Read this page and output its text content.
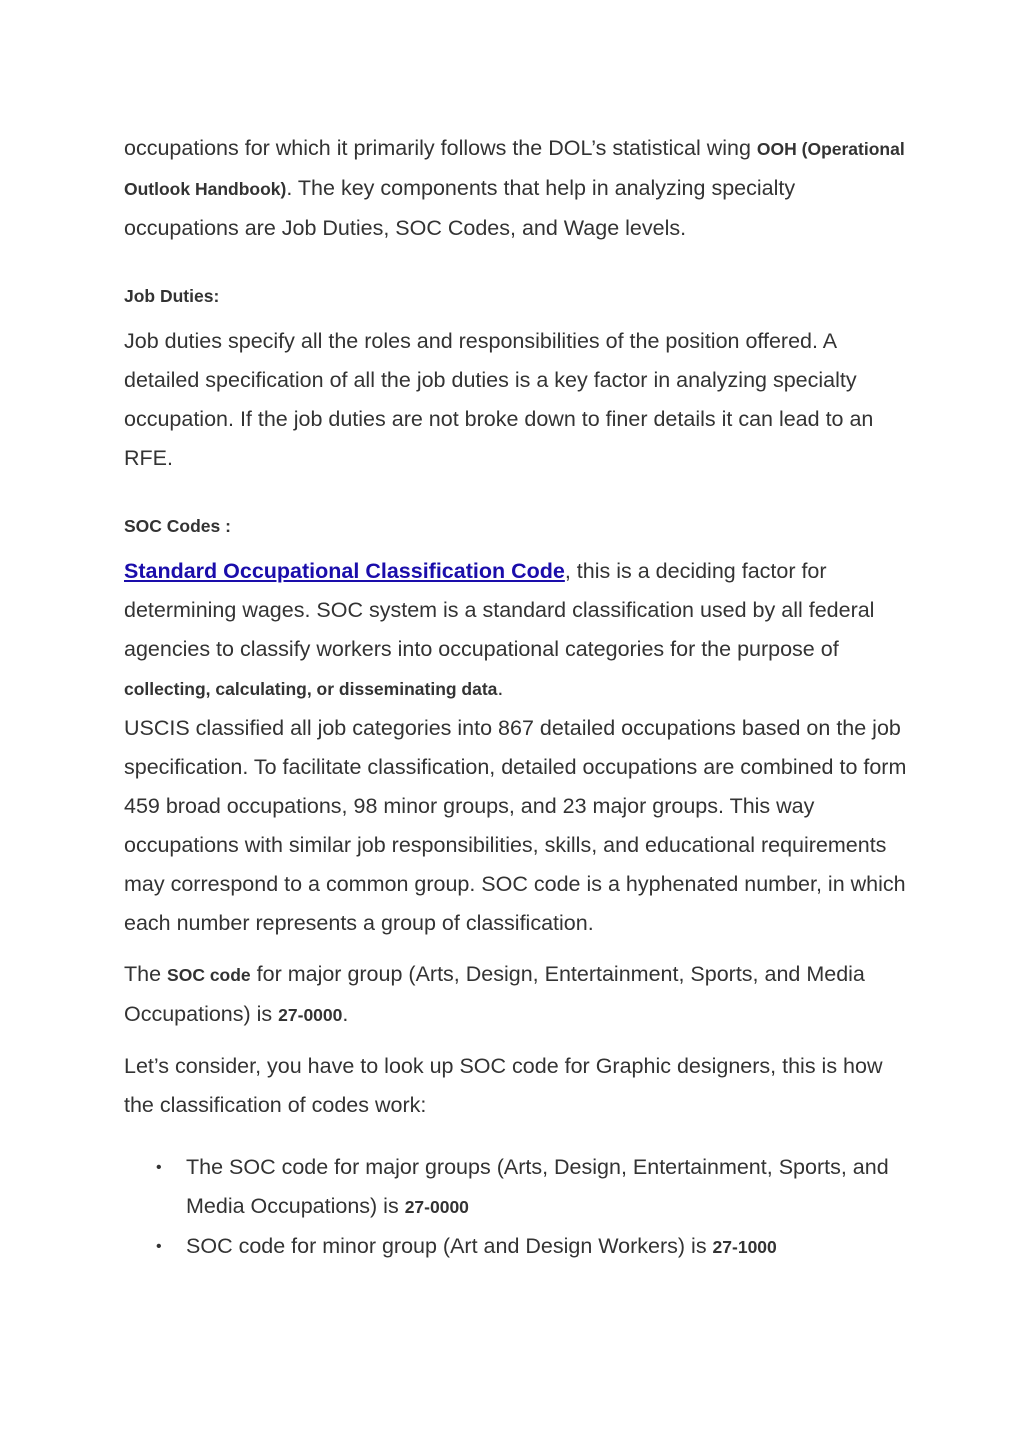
occupations for which it primarily follows the DOL’s statistical wing OOH (Operational Outlook Handbook). The key components that help in analyzing specialty occupations are Job Duties, SOC Codes, and Wage levels.

Job Duties:

Job duties specify all the roles and responsibilities of the position offered. A detailed specification of all the job duties is a key factor in analyzing specialty occupation. If the job duties are not broke down to finer details it can lead to an RFE.

SOC Codes :

Standard Occupational Classification Code, this is a deciding factor for determining wages. SOC system is a standard classification used by all federal agencies to classify workers into occupational categories for the purpose of collecting, calculating, or disseminating data.

USCIS classified all job categories into 867 detailed occupations based on the job specification. To facilitate classification, detailed occupations are combined to form 459 broad occupations, 98 minor groups, and 23 major groups. This way occupations with similar job responsibilities, skills, and educational requirements may correspond to a common group. SOC code is a hyphenated number, in which each number represents a group of classification.

The SOC code for major group (Arts, Design, Entertainment, Sports, and Media Occupations) is 27-0000.

Let’s consider, you have to look up SOC code for Graphic designers, this is how the classification of codes work:

• The SOC code for major groups (Arts, Design, Entertainment, Sports, and Media Occupations) is 27-0000
• SOC code for minor group (Art and Design Workers) is 27-1000
